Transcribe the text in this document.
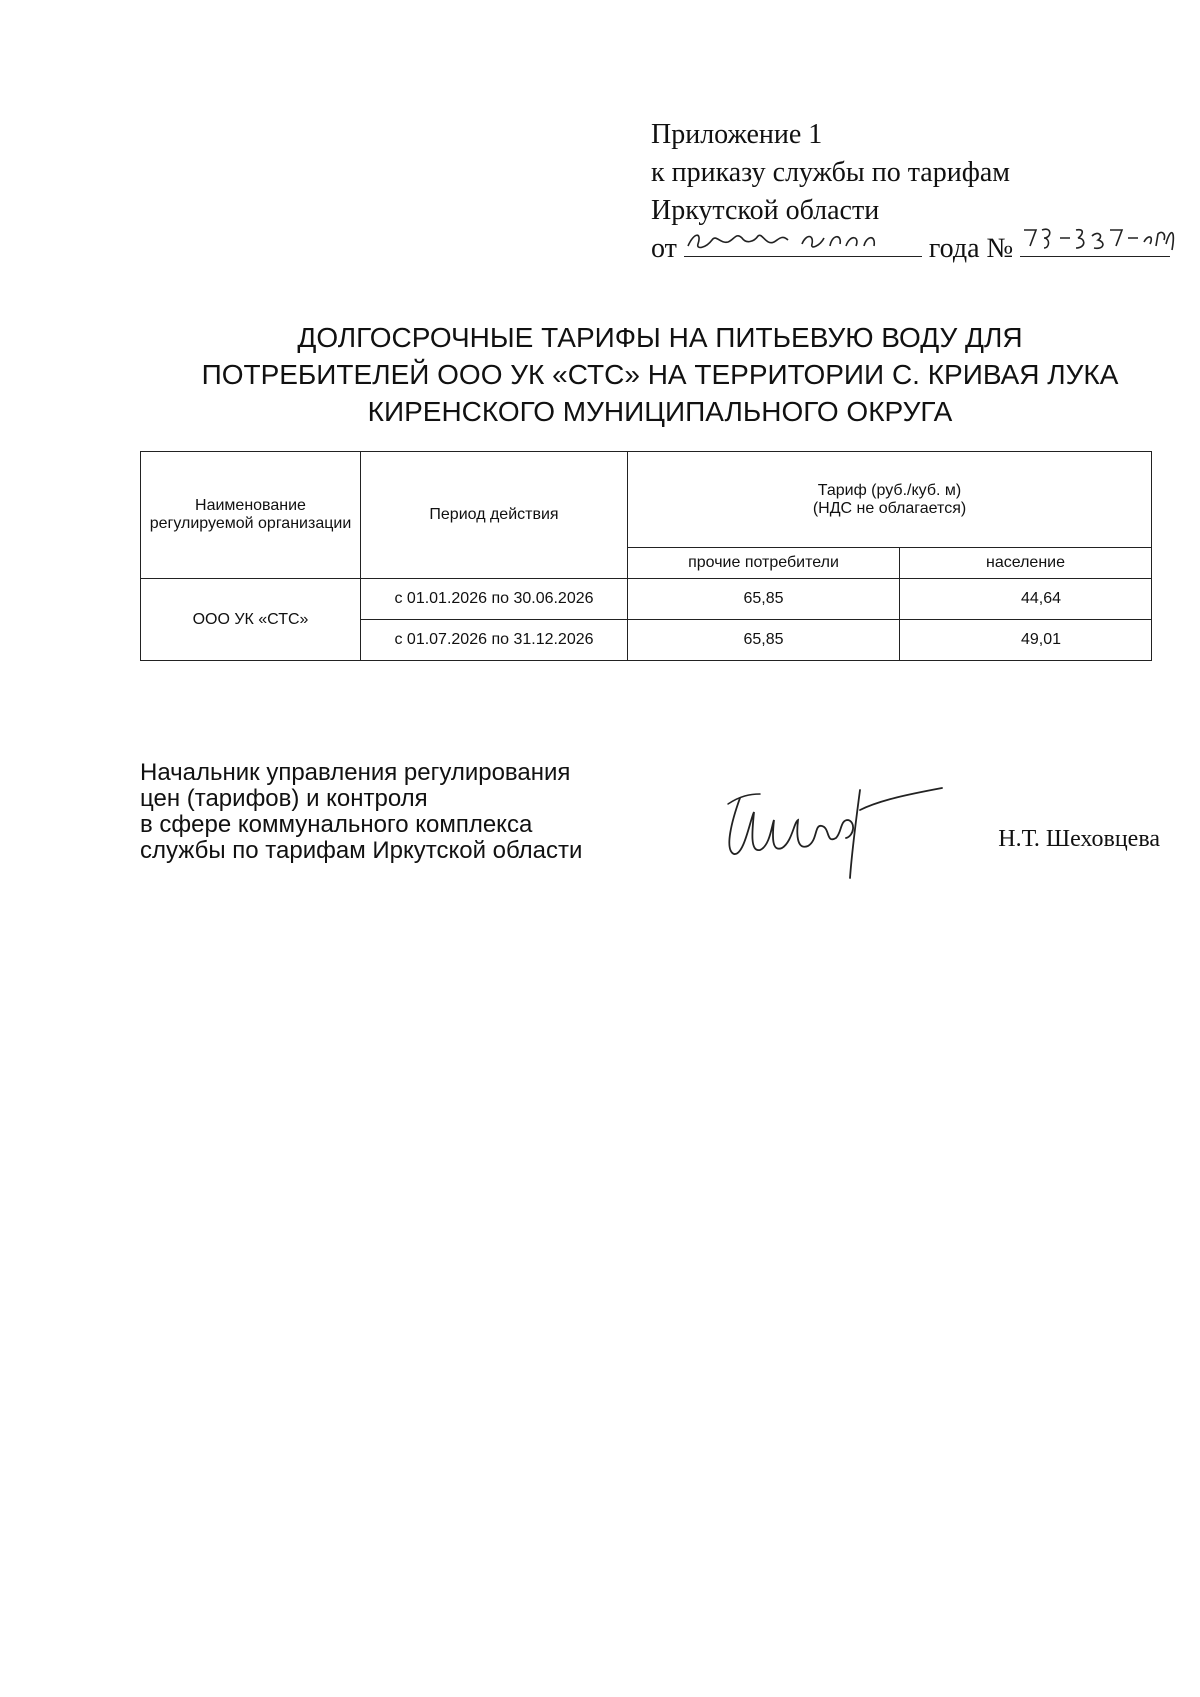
Приложение 1
к приказу службы по тарифам
Иркутской области
от	года №
ДОЛГОСРОЧНЫЕ ТАРИФЫ НА ПИТЬЕВУЮ ВОДУ ДЛЯ
ПОТРЕБИТЕЛЕЙ ООО УК «СТС» НА ТЕРРИТОРИИ С. КРИВАЯ ЛУКА
КИРЕНСКОГО МУНИЦИПАЛЬНОГО ОКРУГА
Наименование регулируемой организации	Период действия	Тариф (руб./куб. м)
(НДС не облагается)	

		прочие потребители	население
ООО УК «СТС»	с 01.01.2026 по 30.06.2026	65,85	44,64
	с 01.07.2026 по 31.12.2026	65,85	49,01
Начальник управления регулирования
цен (тарифов) и контроля
в сфере коммунального комплекса
службы по тарифам Иркутской области	Н.Т. Шеховцева
